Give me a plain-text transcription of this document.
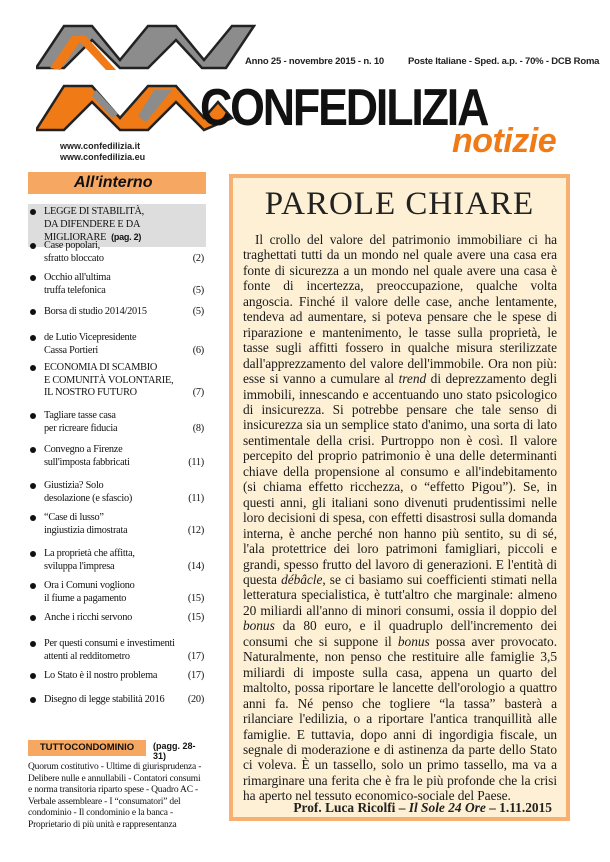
Anno 25 - novembre 2015 - n. 10	Poste Italiane - Sped. a.p. - 70% - DCB Roma
CONFEDILIZIA
notizie
www.confedilizia.it
www.confedilizia.eu
All'interno
LEGGE DI STABILITÀ,
DA DIFENDERE E DA MIGLIORARE (pag. 2)
Case popolari,
sfratto bloccato	(2)
Occhio all'ultima
truffa telefonica	(5)
Borsa di studio 2014/2015	(5)
de Lutio Vicepresidente
Cassa Portieri	(6)
ECONOMIA DI SCAMBIO
E COMUNITÀ VOLONTARIE,
IL NOSTRO FUTURO	(7)
Tagliare tasse casa
per ricreare fiducia	(8)
Convegno a Firenze
sull'imposta fabbricati	(11)
Giustizia? Solo
desolazione (e sfascio)	(11)
“Case di lusso”
ingiustizia dimostrata	(12)
La proprietà che affitta,
sviluppa l'impresa	(14)
Ora i Comuni vogliono
il fiume a pagamento	(15)
Anche i ricchi servono	(15)
Per questi consumi e investimenti
attenti al redditometro	(17)
Lo Stato è il nostro problema	(17)
Disegno di legge stabilità 2016	(20)
TUTTOCONDOMINIO	(pagg. 28-31)
Quorum costitutivo - Ultime di giurisprudenza - Delibere nulle e annullabili - Contatori consumi e norma transitoria riparto spese - Quadro AC - Verbale assembleare - I “consumatori” del condominio - Il condominio e la banca - Proprietario di più unità e rappresentanza
PAROLE CHIARE

Il crollo del valore del patrimonio immobiliare ci ha traghettati tutti da un mondo nel quale avere una casa era fonte di sicurezza a un mondo nel quale avere una casa è fonte di incertezza, preoccupazione, qualche volta angoscia. Finché il valore delle case, anche lentamente, tendeva ad aumentare, si poteva pensare che le spese di riparazione e mantenimento, le tasse sulla proprietà, le tasse sugli affitti fossero in qualche misura sterilizzate dall'apprezzamento del valore dell'immobile. Ora non più: esse si vanno a cumulare al trend di deprezzamento degli immobili, innescando e accentuando uno stato psicologico di insicurezza. Si potrebbe pensare che tale senso di insicurezza sia un semplice stato d'animo, una sorta di lato sentimentale della crisi. Purtroppo non è così. Il valore percepito del proprio patrimonio è una delle determinanti chiave della propensione al consumo e all'indebitamento (si chiama effetto ricchezza, o “effetto Pigou”). Se, in questi anni, gli italiani sono divenuti prudentissimi nelle loro decisioni di spesa, con effetti disastrosi sulla domanda interna, è anche perché non hanno più sentito, su di sé, l'ala protettrice dei loro patrimoni famigliari, piccoli e grandi, spesso frutto del lavoro di generazioni. E l'entità di questa débâcle, se ci basiamo sui coefficienti stimati nella letteratura specialistica, è tutt'altro che marginale: almeno 20 miliardi all'anno di minori consumi, ossia il doppio del bonus da 80 euro, e il quadruplo dell'incremento dei consumi che si suppone il bonus possa aver provocato. Naturalmente, non penso che restituire alle famiglie 3,5 miliardi di imposte sulla casa, appena un quarto del maltolto, possa riportare le lancette dell'orologio a quattro anni fa. Né penso che togliere “la tassa” basterà a rilanciare l'edilizia, o a riportare l'antica tranquillità alle famiglie. E tuttavia, dopo anni di ingordigia fiscale, un segnale di moderazione e di astinenza da parte dello Stato ci voleva. È un tassello, solo un primo tassello, ma va a rimarginare una ferita che è fra le più profonde che la crisi ha aperto nel tessuto economico-sociale del Paese.

Prof. Luca Ricolfi – Il Sole 24 Ore – 1.11.2015
